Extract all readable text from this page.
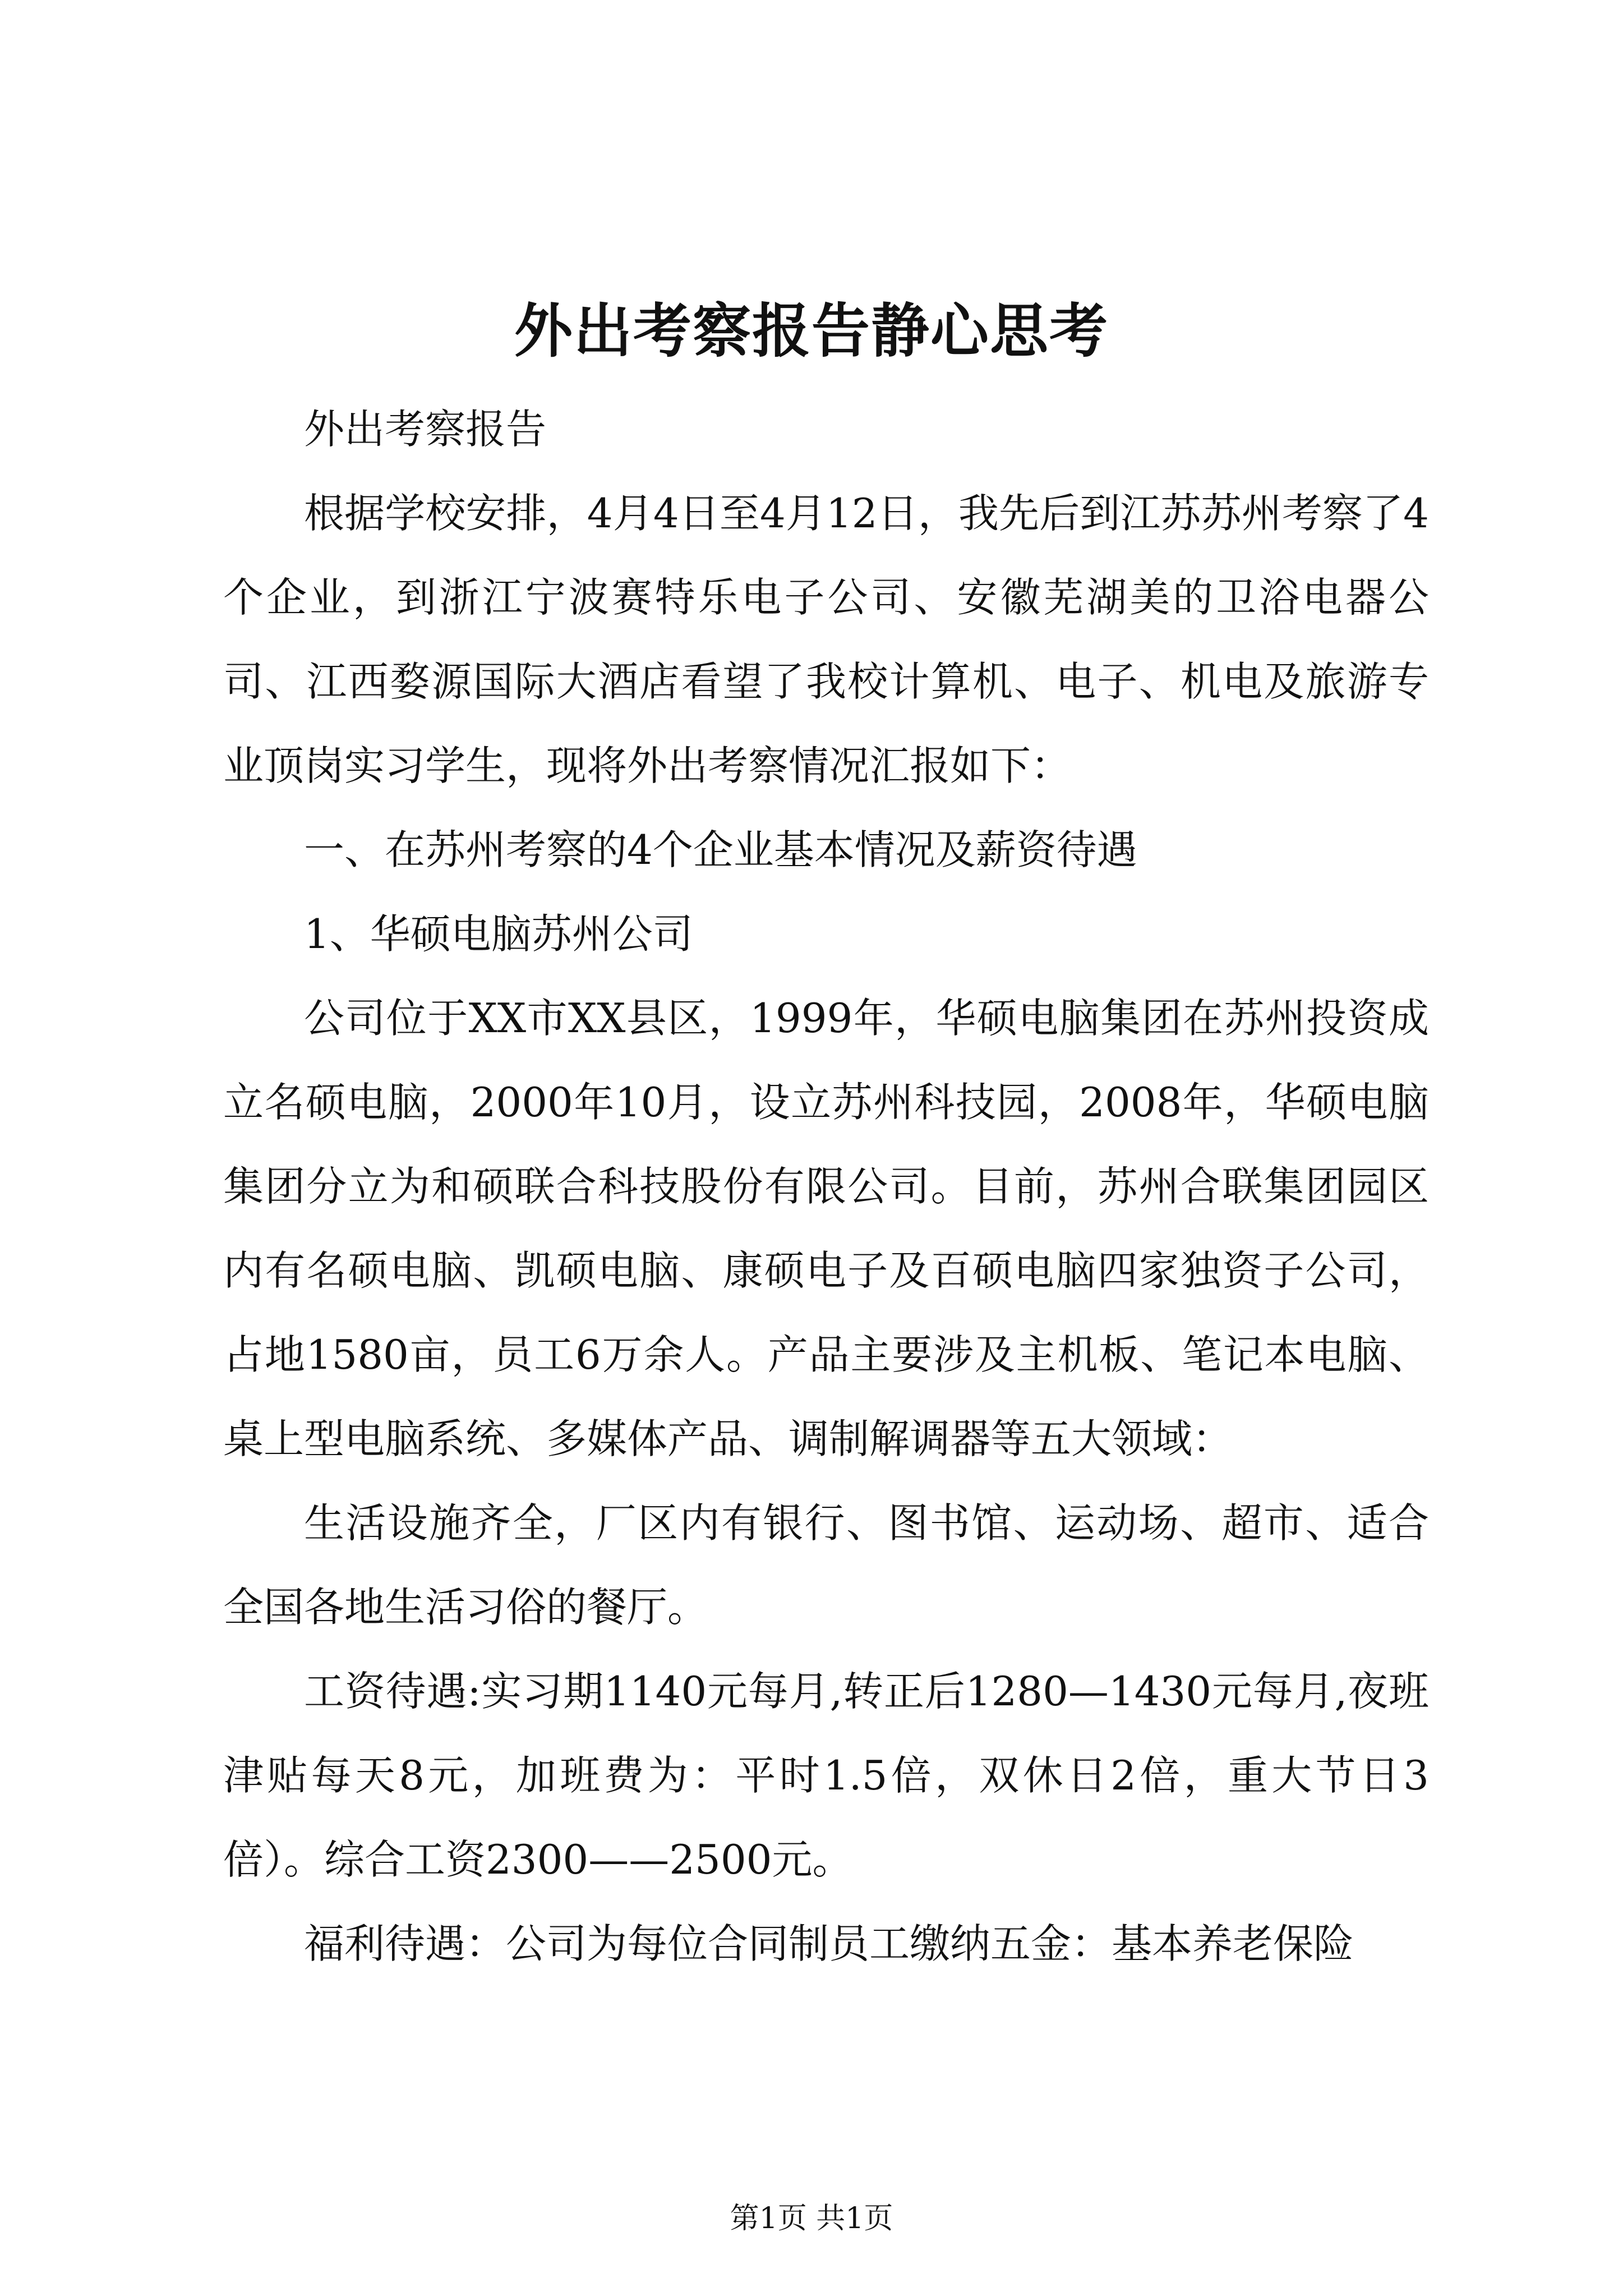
外出考察报告静心思考

外出考察报告

根据学校安排，4月4日至4月12日，我先后到江苏苏州考察了4个企业，到浙江宁波赛特乐电子公司、安徽芜湖美的卫浴电器公司、江西婺源国际大酒店看望了我校计算机、电子、机电及旅游专业顶岗实习学生，现将外出考察情况汇报如下：

一、在苏州考察的4个企业基本情况及薪资待遇

1、华硕电脑苏州公司

公司位于XX市XX县区，1999年，华硕电脑集团在苏州投资成立名硕电脑，2000年10月，设立苏州科技园，2008年，华硕电脑集团分立为和硕联合科技股份有限公司。目前，苏州合联集团园区内有名硕电脑、凯硕电脑、康硕电子及百硕电脑四家独资子公司，占地1580亩，员工6万余人。产品主要涉及主机板、笔记本电脑、桌上型电脑系统、多媒体产品、调制解调器等五大领域：

生活设施齐全，厂区内有银行、图书馆、运动场、超市、适合全国各地生活习俗的餐厅。

工资待遇:实习期1140元每月,转正后1280—1430元每月,夜班津贴每天8元，加班费为：平时1.5倍，双休日2倍，重大节日3倍）。综合工资2300——2500元。

福利待遇：公司为每位合同制员工缴纳五金：基本养老保险

第1页 共1页
